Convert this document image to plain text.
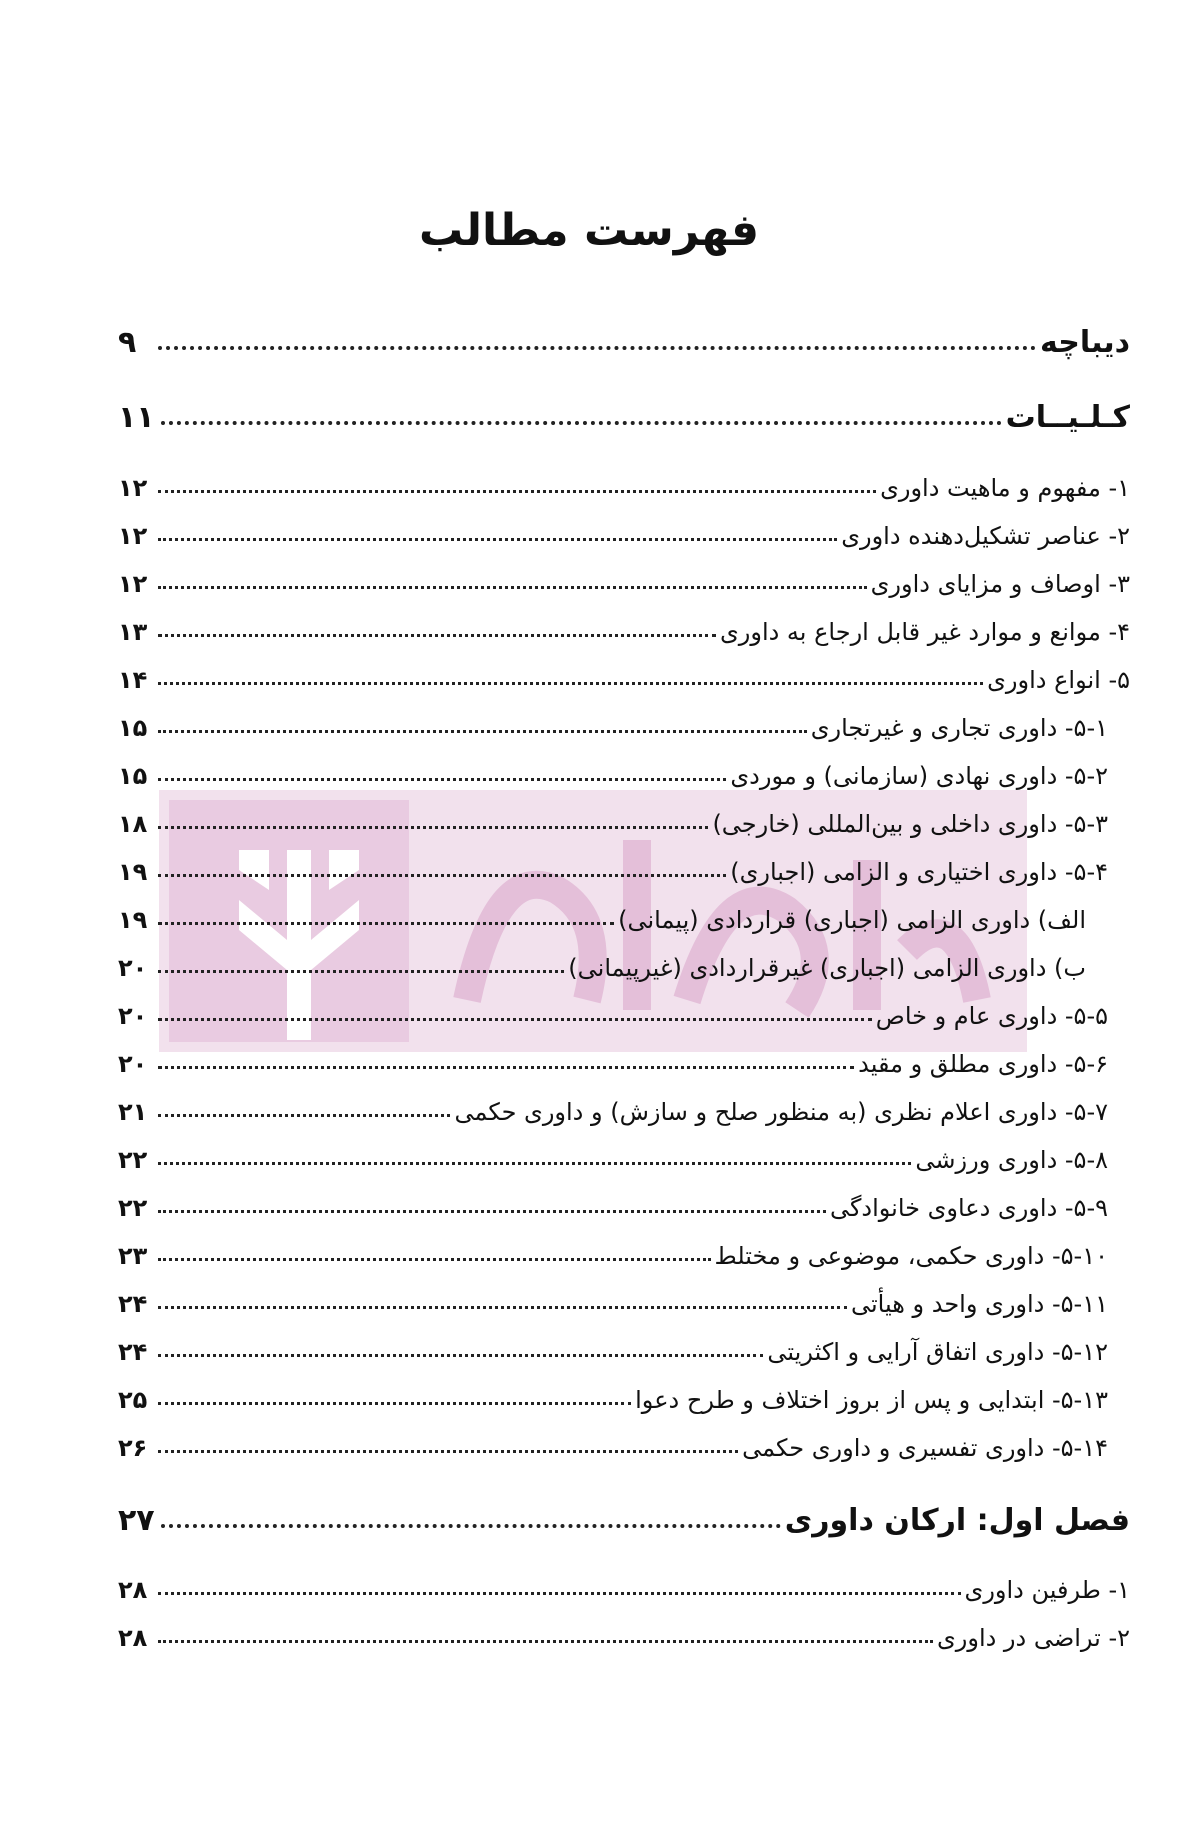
فهرست مطالب
دیباچه
۹
کـلـیــات
۱۱
۱- مفهوم و ماهیت داوری
۱۲
۲- عناصر تشکیل‌دهنده داوری
۱۲
۳- اوصاف و مزایای داوری
۱۲
۴- موانع و موارد غیر قابل ارجاع به داوری
۱۳
۵- انواع داوری
۱۴
۵-۱- داوری تجاری و غیرتجاری
۱۵
۵-۲- داوری نهادی (سازمانی) و موردی
۱۵
۵-۳- داوری داخلی و بین‌المللی (خارجی)
۱۸
۵-۴- داوری اختیاری و الزامی (اجباری)
۱۹
الف) داوری الزامی (اجباری) قراردادی (پیمانی)
۱۹
ب) داوری الزامی (اجباری) غیرقراردادی (غیرپیمانی)
۲۰
۵-۵- داوری عام و خاص
۲۰
۵-۶- داوری مطلق و مقید
۲۰
۵-۷- داوری اعلام نظری (به منظور صلح و سازش) و داوری حکمی
۲۱
۵-۸- داوری ورزشی
۲۲
۵-۹- داوری دعاوی خانوادگی
۲۲
۵-۱۰- داوری حکمی، موضوعی و مختلط
۲۳
۵-۱۱- داوری واحد و هیأتی
۲۴
۵-۱۲- داوری اتفاق آرایی و اکثریتی
۲۴
۵-۱۳- ابتدایی و پس از بروز اختلاف و طرح دعوا
۲۵
۵-۱۴- داوری تفسیری و داوری حکمی
۲۶
فصل اول: ارکان داوری
۲۷
۱- طرفین داوری
۲۸
۲- تراضی در داوری
۲۸
